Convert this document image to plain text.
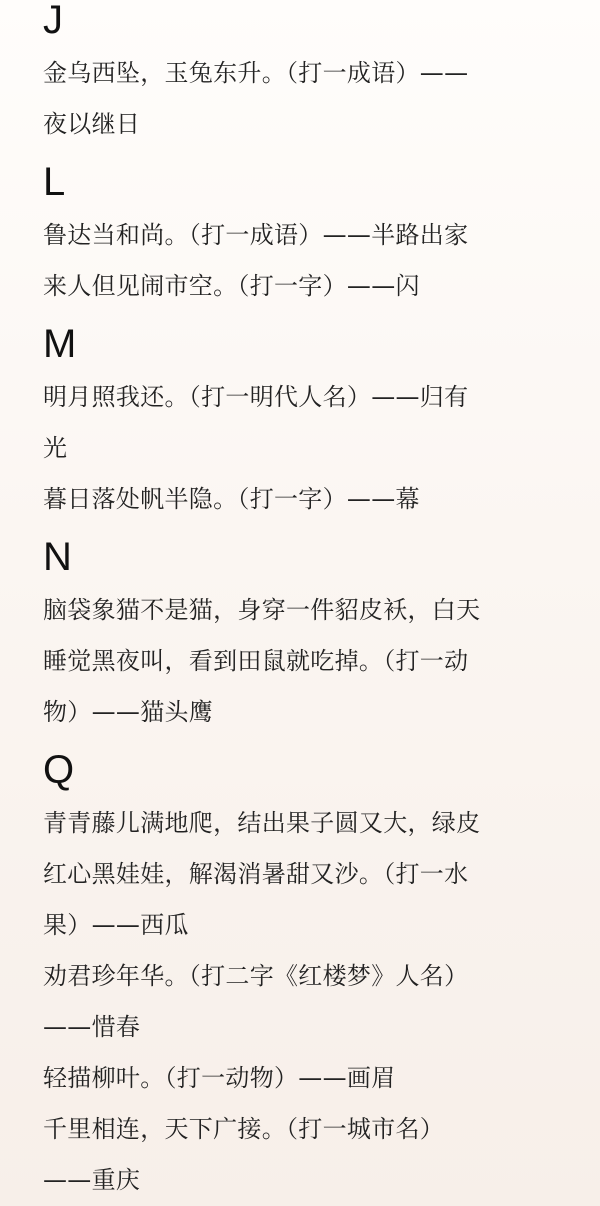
J

金乌西坠，玉兔东升。（打一成语）——

夜以继日

L

鲁达当和尚。（打一成语）——半路出家

来人但见闹市空。（打一字）——闪

M

明月照我还。（打一明代人名）——归有

光

暮日落处帆半隐。（打一字）——幕

N

脑袋象猫不是猫，身穿一件貂皮袄，白天

睡觉黑夜叫，看到田鼠就吃掉。（打一动

物）——猫头鹰

Q

青青藤儿满地爬，结出果子圆又大，绿皮

红心黑娃娃，解渴消暑甜又沙。（打一水

果）——西瓜

劝君珍年华。（打二字《红楼梦》人名）

——惜春

轻描柳叶。（打一动物）——画眉

千里相连，天下广接。（打一城市名）

——重庆
